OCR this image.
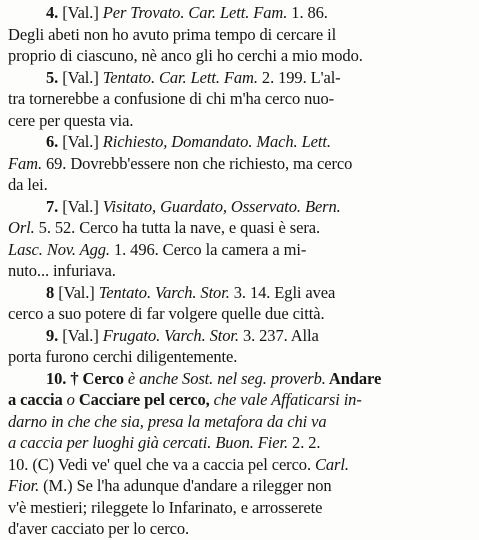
4. [Val.] Per Trovato. Car. Lett. Fam. 1. 86.
Degli abeti non ho avuto prima tempo di cercare il
proprio di ciascuno, nè anco gli ho cerchi a mio modo.
5. [Val.] Tentato. Car. Lett. Fam. 2. 199. L'al-
tra tornerebbe a confusione di chi m'ha cerco nuo-
cere per questa via.
6. [Val.] Richiesto, Domandato. Mach. Lett.
Fam. 69. Dovrebb'essere non che richiesto, ma cerco
da lei.
7. [Val.] Visitato, Guardato, Osservato. Bern.
Orl. 5. 52. Cerco ha tutta la nave, e quasi è sera.
Lasc. Nov. Agg. 1. 496. Cerco la camera a mi-
nuto... infuriava.
8 [Val.] Tentato. Varch. Stor. 3. 14. Egli avea
cerco a suo potere di far volgere quelle due città.
9. [Val.] Frugato. Varch. Stor. 3. 237. Alla
porta furono cerchi diligentemente.
10. † Cerco è anche Sost. nel seg. proverb. Andare
a caccia o Cacciare pel cerco, che vale Affaticarsi in-
darno in che che sia, presa la metafora da chi va
a caccia per luoghi già cercati. Buon. Fier. 2. 2.
10. (C) Vedi ve' quel che va a caccia pel cerco. Carl.
Fior. (M.) Se l'ha adunque d'andare a rilegger non
v'è mestieri; rileggete lo Infarinato, e arrosserete
d'aver cacciato per lo cerco.
